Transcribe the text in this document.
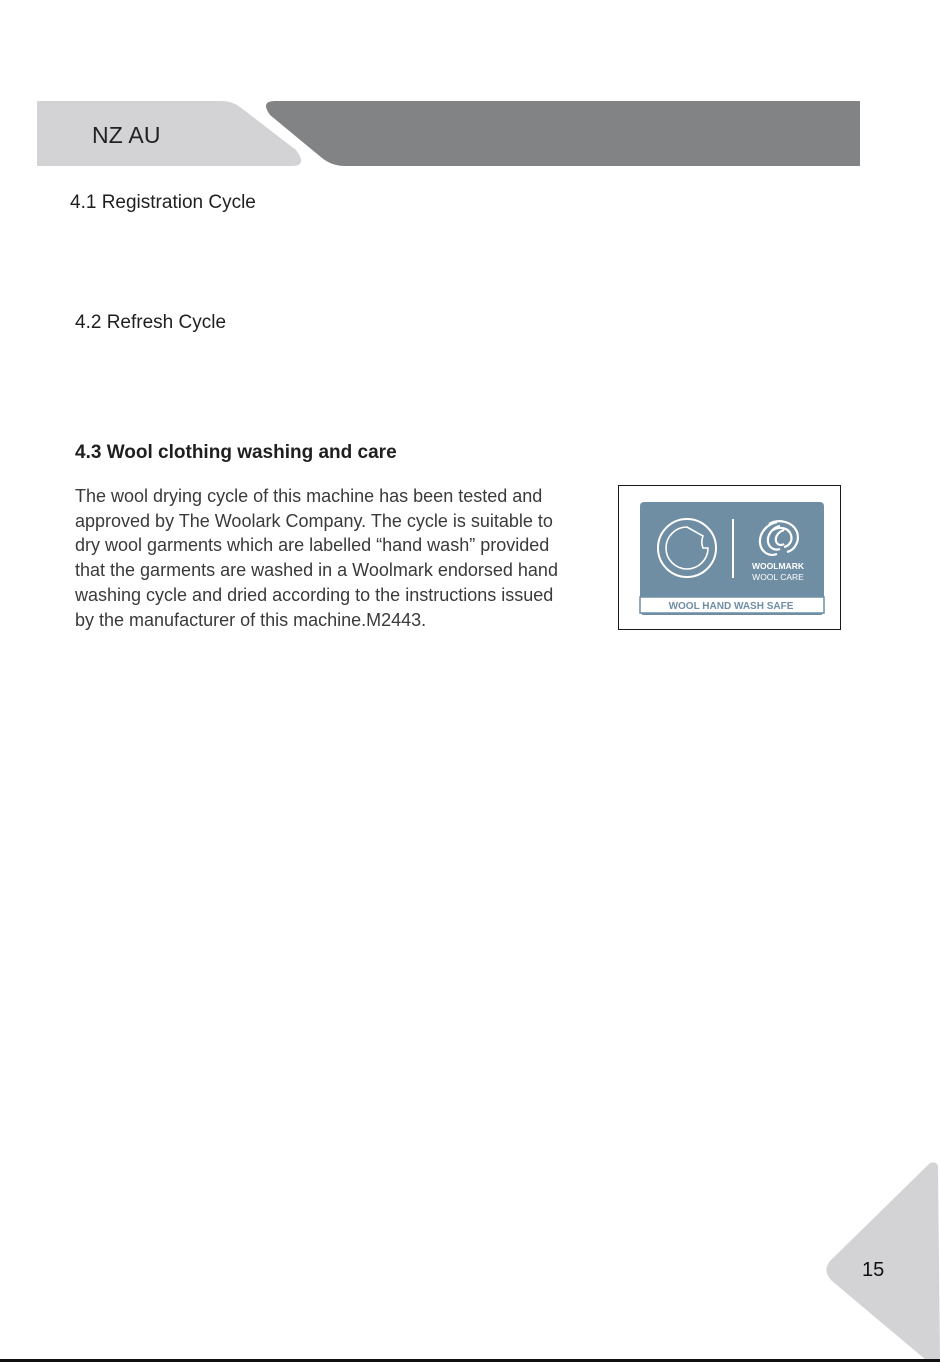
NZ AU
4.1 Registration Cycle
4.2 Refresh Cycle
4.3 Wool clothing washing and care
The wool drying cycle of this machine has been tested and
approved by The Woolark Company. The cycle is suitable to
dry wool garments which are labelled “hand wash” provided
that the garments are washed in a Woolmark endorsed hand
washing cycle and dried according to the instructions issued
by the manufacturer of this machine.M2443.
WOOLMARK
WOOL CARE
WOOL HAND WASH SAFE
15
